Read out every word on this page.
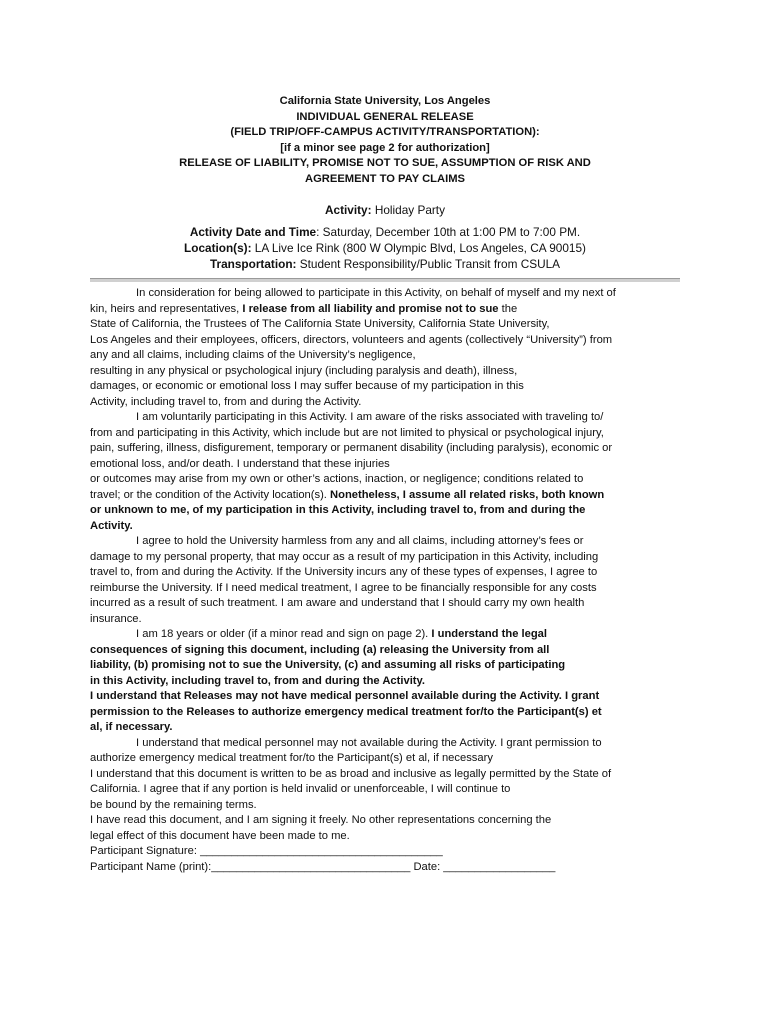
California State University, Los Angeles
INDIVIDUAL GENERAL RELEASE
(FIELD TRIP/OFF-CAMPUS ACTIVITY/TRANSPORTATION):
[if a minor see page 2 for authorization]
RELEASE OF LIABILITY, PROMISE NOT TO SUE, ASSUMPTION OF RISK AND
AGREEMENT TO PAY CLAIMS
Activity: Holiday Party
Activity Date and Time: Saturday, December 10th at 1:00 PM to 7:00 PM.
Location(s): LA Live Ice Rink (800 W Olympic Blvd, Los Angeles, CA 90015)
Transportation: Student Responsibility/Public Transit from CSULA
In consideration for being allowed to participate in this Activity, on behalf of myself and my next of
kin, heirs and representatives, I release from all liability and promise not to sue the
State of California, the Trustees of The California State University, California State University,
Los Angeles and their employees, officers, directors, volunteers and agents (collectively “University”) from
any and all claims, including claims of the University’s negligence,
resulting in any physical or psychological injury (including paralysis and death), illness,
damages, or economic or emotional loss I may suffer because of my participation in this
Activity, including travel to, from and during the Activity.
I am voluntarily participating in this Activity. I am aware of the risks associated with traveling to/
from and participating in this Activity, which include but are not limited to physical or psychological injury,
pain, suffering, illness, disfigurement, temporary or permanent disability (including paralysis), economic or
emotional loss, and/or death. I understand that these injuries
or outcomes may arise from my own or other’s actions, inaction, or negligence; conditions related to
travel; or the condition of the Activity location(s). Nonetheless, I assume all related risks, both known
or unknown to me, of my participation in this Activity, including travel to, from and during the
Activity.
I agree to hold the University harmless from any and all claims, including attorney’s fees or
damage to my personal property, that may occur as a result of my participation in this Activity, including
travel to, from and during the Activity. If the University incurs any of these types of expenses, I agree to
reimburse the University. If I need medical treatment, I agree to be financially responsible for any costs
incurred as a result of such treatment. I am aware and understand that I should carry my own health
insurance.
I am 18 years or older (if a minor read and sign on page 2). I understand the legal
consequences of signing this document, including (a) releasing the University from all
liability, (b) promising not to sue the University, (c) and assuming all risks of participating
in this Activity, including travel to, from and during the Activity.
I understand that Releases may not have medical personnel available during the Activity. I grant
permission to the Releases to authorize emergency medical treatment for/to the Participant(s) et
al, if necessary.
I understand that medical personnel may not available during the Activity. I grant permission to
authorize emergency medical treatment for/to the Participant(s) et al, if necessary
I understand that this document is written to be as broad and inclusive as legally permitted by the State of
California. I agree that if any portion is held invalid or unenforceable, I will continue to
be bound by the remaining terms.
I have read this document, and I am signing it freely. No other representations concerning the
legal effect of this document have been made to me.
Participant Signature: _______________________________________
Participant Name (print):________________________________ Date: __________________
